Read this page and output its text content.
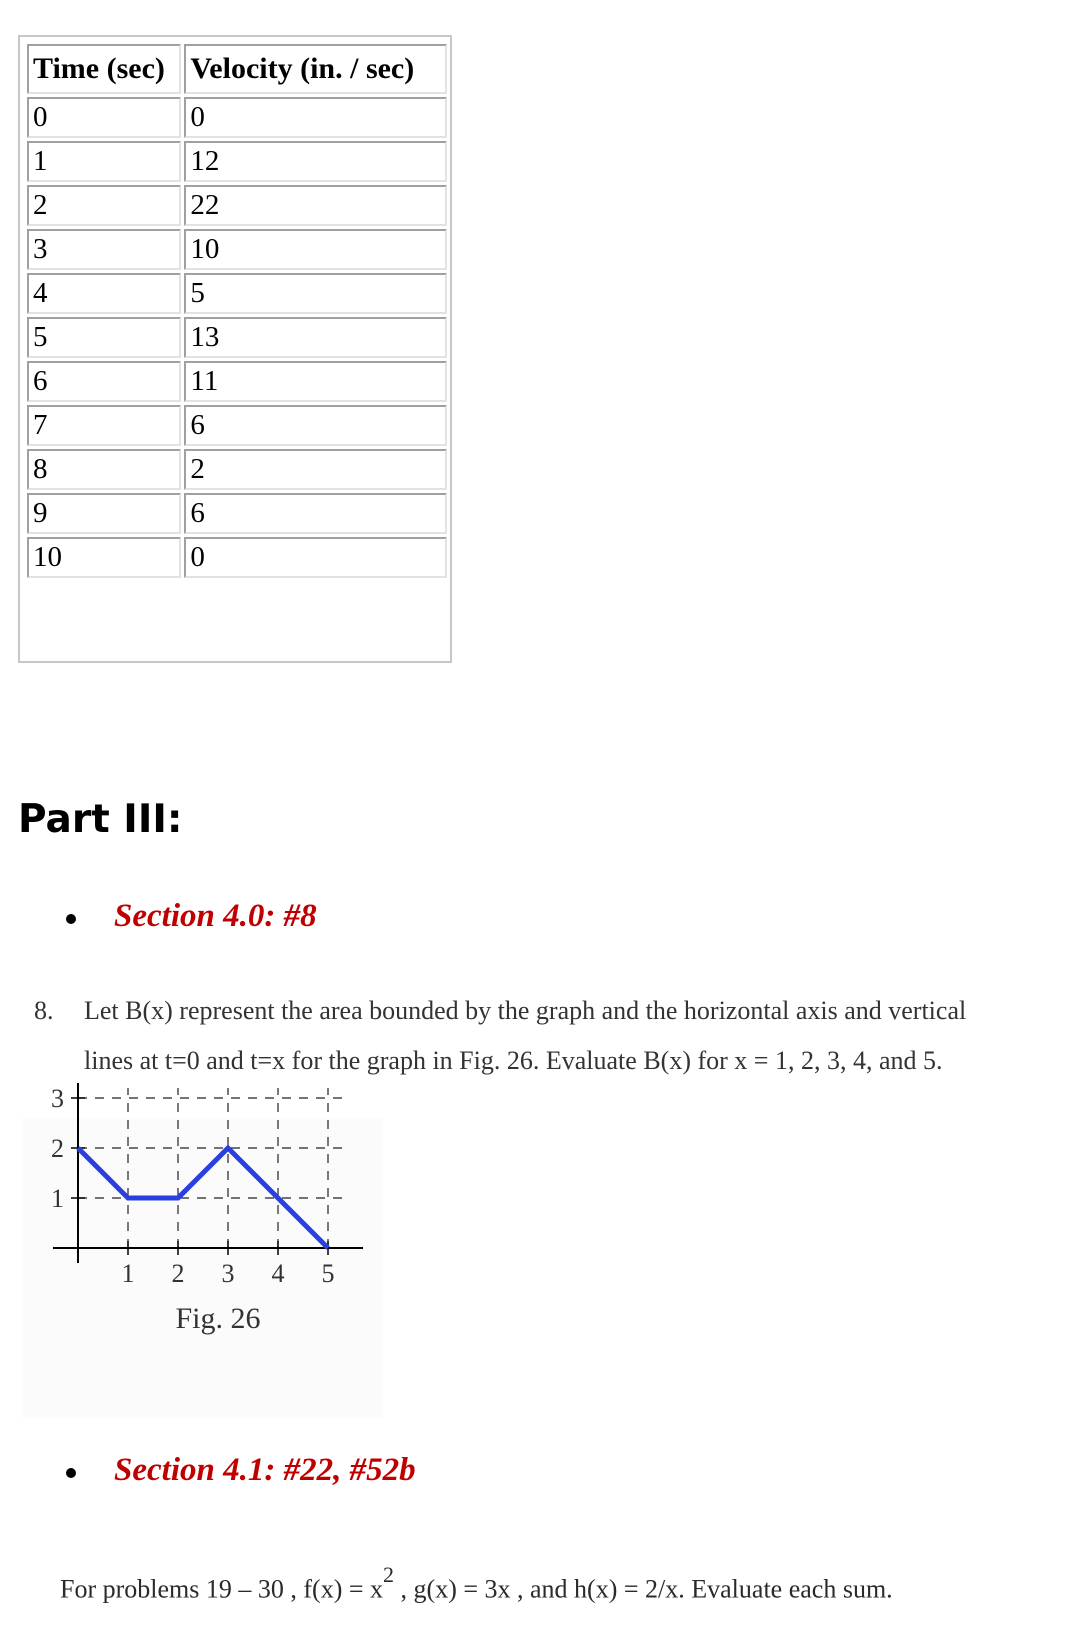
Time (sec)	Velocity (in. / sec)
0	0
1	12
2	22
3	10
4	5
5	13
6	11
7	6
8	2
9	6
10	0
Part III:
Section 4.0: #8
8. Let B(x) represent the area bounded by the graph and the horizontal axis and vertical
lines at t=0 and t=x for the graph in Fig. 26. Evaluate B(x) for x = 1, 2, 3, 4, and 5.
1 2 3 4 5
1
2
3
Fig. 26
Section 4.1: #22, #52b
For problems 19 – 30 , $f(x) = x^2$ , g(x) = 3x , and h(x) = 2/x. Evaluate each sum.
